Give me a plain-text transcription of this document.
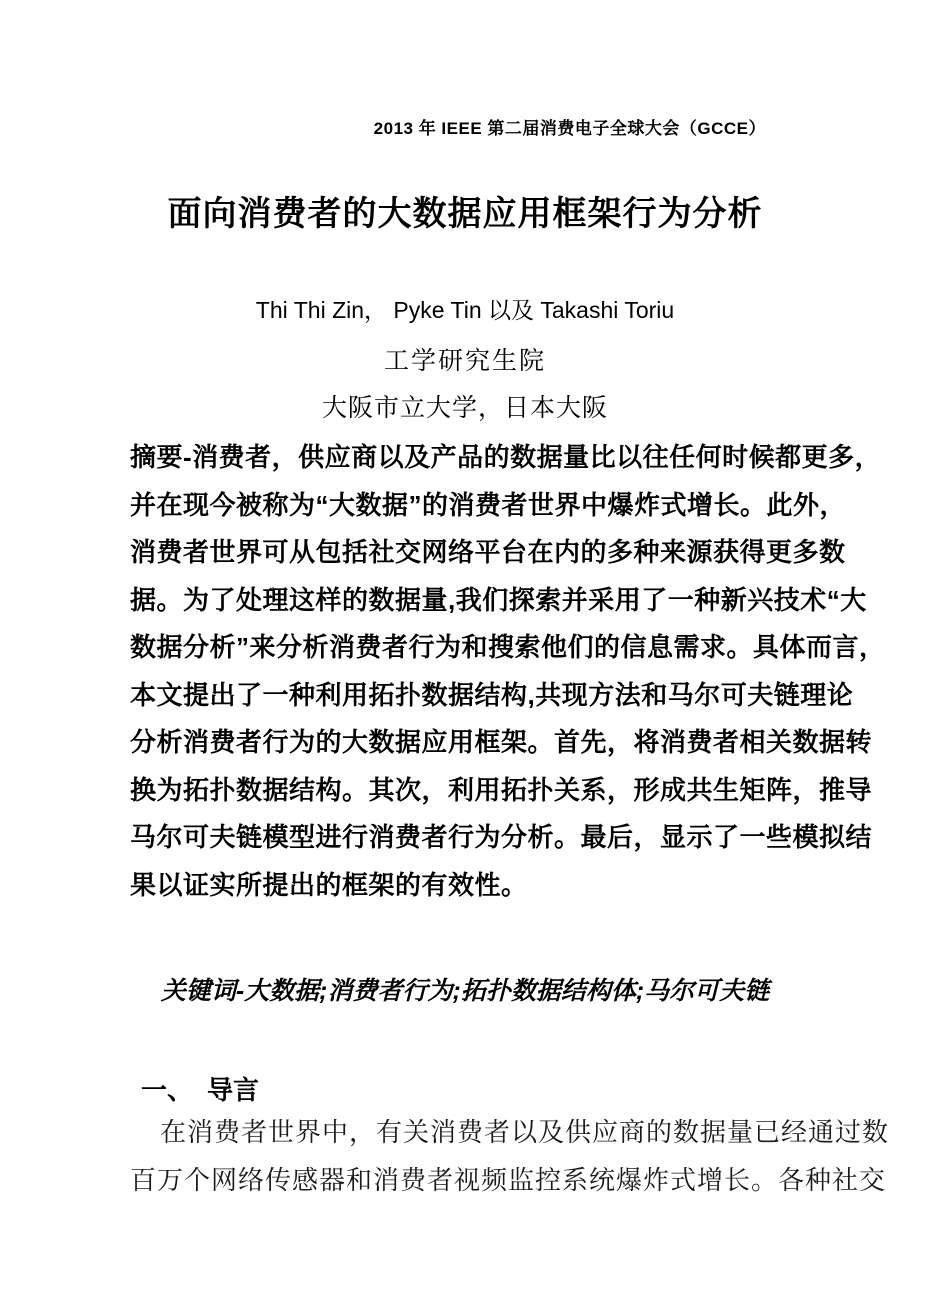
2013 年 IEEE 第二届消费电子全球大会（GCCE）
面向消费者的大数据应用框架行为分析
Thi Thi Zin， Pyke Tin 以及 Takashi Toriu
工学研究生院
大阪市立大学，日本大阪
摘要-消费者，供应商以及产品的数据量比以往任何时候都更多，
并在现今被称为“大数据”的消费者世界中爆炸式增长。此外，
消费者世界可从包括社交网络平台在内的多种来源获得更多数
据。为了处理这样的数据量,我们探索并采用了一种新兴技术“大
数据分析”来分析消费者行为和搜索他们的信息需求。具体而言，
本文提出了一种利用拓扑数据结构,共现方法和马尔可夫链理论
分析消费者行为的大数据应用框架。首先，将消费者相关数据转
换为拓扑数据结构。其次，利用拓扑关系，形成共生矩阵，推导
马尔可夫链模型进行消费者行为分析。最后，显示了一些模拟结
果以证实所提出的框架的有效性。
关键词-大数据;消费者行为;拓扑数据结构体;马尔可夫链
一、 导言
在消费者世界中，有关消费者以及供应商的数据量已经通过数
百万个网络传感器和消费者视频监控系统爆炸式增长。各种社交
